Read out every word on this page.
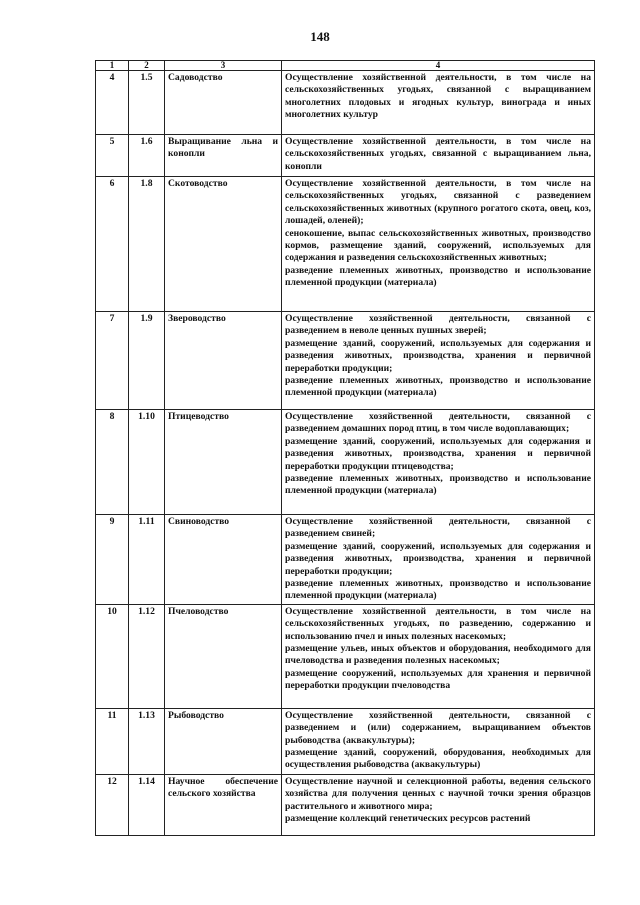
148
1	2	3	4
4	1.5	Садоводство	Осуществление хозяйственной деятельности, в том числе на сельскохозяйственных угодьях, связанной с выращиванием многолетних плодовых и ягодных культур, винограда и иных многолетних культур

5	1.6	Выращивание льна и конопли	Осуществление хозяйственной деятельности, в том числе на сельскохозяйственных угодьях, связанной с выращиванием льна, конопли

6	1.8	Скотоводство	Осуществление хозяйственной деятельности, в том числе на сельскохозяйственных угодьях, связанной с разведением сельскохозяйственных животных (крупного рогатого скота, овец, коз, лошадей, оленей);
сенокошение, выпас сельскохозяйственных животных, производство кормов, размещение зданий, сооружений, используемых для содержания и разведения сельскохозяйственных животных;
разведение племенных животных, производство и использование племенной продукции (материала)

7	1.9	Звероводство	Осуществление хозяйственной деятельности, связанной с разведением в неволе ценных пушных зверей;
размещение зданий, сооружений, используемых для содержания и разведения животных, производства, хранения и первичной переработки продукции;
разведение племенных животных, производство и использование племенной продукции (материала)

8	1.10	Птицеводство	Осуществление хозяйственной деятельности, связанной с разведением домашних пород птиц, в том числе водоплавающих;
размещение зданий, сооружений, используемых для содержания и разведения животных, производства, хранения и первичной переработки продукции птицеводства;
разведение племенных животных, производство и использование племенной продукции (материала)

9	1.11	Свиноводство	Осуществление хозяйственной деятельности, связанной с разведением свиней;
размещение зданий, сооружений, используемых для содержания и разведения животных, производства, хранения и первичной переработки продукции;
разведение племенных животных, производство и использование племенной продукции (материала)

10	1.12	Пчеловодство	Осуществление хозяйственной деятельности, в том числе на сельскохозяйственных угодьях, по разведению, содержанию и использованию пчел и иных полезных насекомых;
размещение ульев, иных объектов и оборудования, необходимого для пчеловодства и разведения полезных насекомых;
размещение сооружений, используемых для хранения и первичной переработки продукции пчеловодства

11	1.13	Рыбоводство	Осуществление хозяйственной деятельности, связанной с разведением и (или) содержанием, выращиванием объектов рыбоводства (аквакультуры);
размещение зданий, сооружений, оборудования, необходимых для осуществления рыбоводства (аквакультуры)

12	1.14	Научное обеспечение сельского хозяйства	Осуществление научной и селекционной работы, ведения сельского хозяйства для получения ценных с научной точки зрения образцов растительного и животного мира;
размещение коллекций генетических ресурсов растений
